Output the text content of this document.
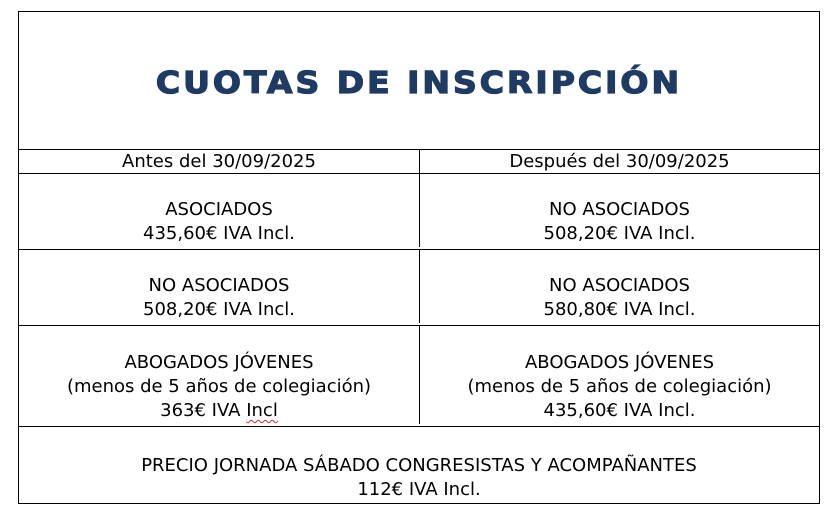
CUOTAS DE INSCRIPCIÓN
Antes del 30/09/2025	Después del 30/09/2025
ASOCIADOS
435,60€ IVA Incl.
NO ASOCIADOS
508,20€ IVA Incl.
NO ASOCIADOS
508,20€ IVA Incl.
NO ASOCIADOS
580,80€ IVA Incl.
ABOGADOS JÓVENES
(menos de 5 años de colegiación)
363€ IVA Incl
ABOGADOS JÓVENES
(menos de 5 años de colegiación)
435,60€ IVA Incl.
PRECIO JORNADA SÁBADO CONGRESISTAS Y ACOMPAÑANTES
112€ IVA Incl.
